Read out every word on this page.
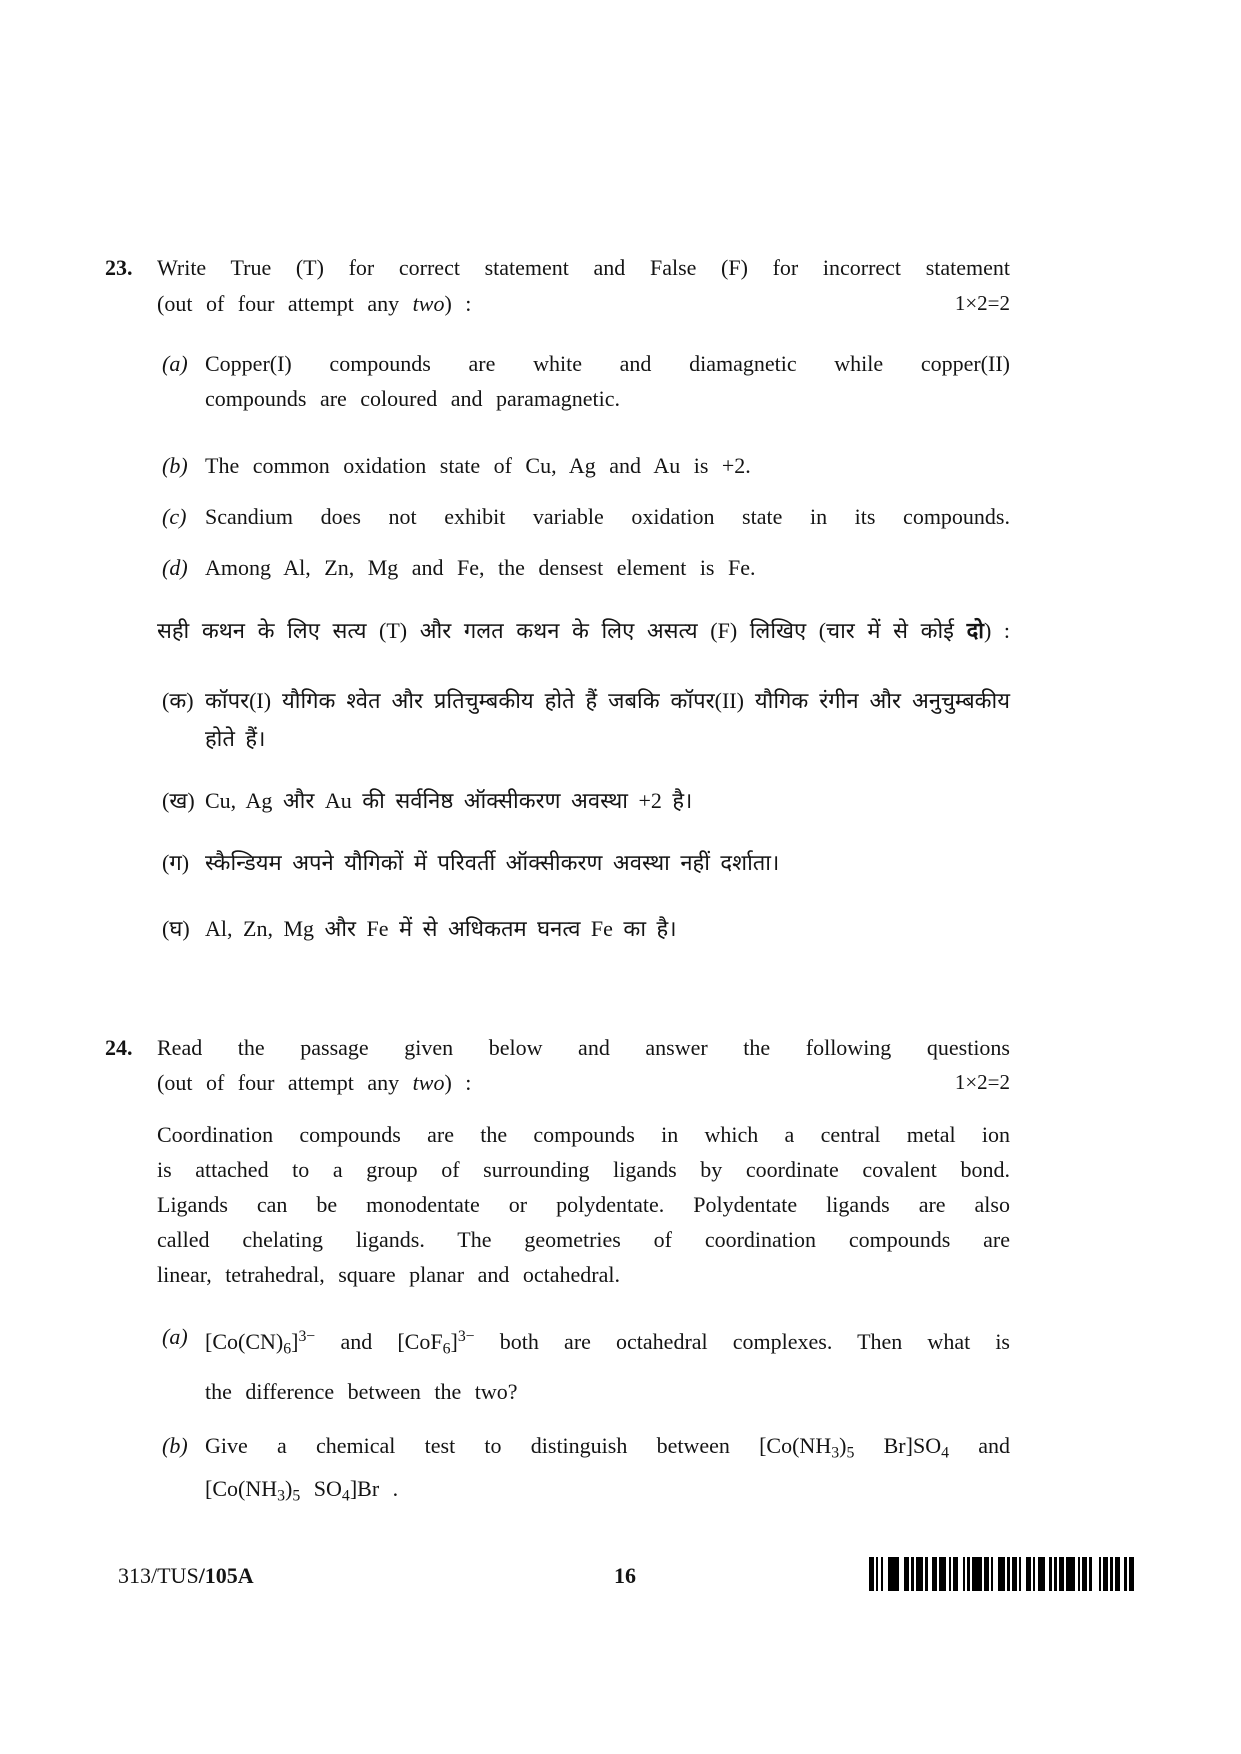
23. Write True (T) for correct statement and False (F) for incorrect statement
(out of four attempt any two) :	1×2=2
(a) Copper(I) compounds are white and diamagnetic while copper(II)
compounds are coloured and paramagnetic.
(b) The common oxidation state of Cu, Ag and Au is +2.
(c) Scandium does not exhibit variable oxidation state in its compounds.
(d) Among Al, Zn, Mg and Fe, the densest element is Fe.
सही कथन के लिए सत्य (T) और गलत कथन के लिए असत्य (F) लिखिए (चार में से कोई दो) :
(क) कॉपर(I) यौगिक श्वेत और प्रतिचुम्बकीय होते हैं जबकि कॉपर(II) यौगिक रंगीन और अनुचुम्बकीय
होते हैं।
(ख) Cu, Ag और Au की सर्वनिष्ठ ऑक्सीकरण अवस्था +2 है।
(ग) स्कैन्डियम अपने यौगिकों में परिवर्ती ऑक्सीकरण अवस्था नहीं दर्शाता।
(घ) Al, Zn, Mg और Fe में से अधिकतम घनत्व Fe का है।
24. Read the passage given below and answer the following questions
(out of four attempt any two) :	1×2=2
Coordination compounds are the compounds in which a central metal ion
is attached to a group of surrounding ligands by coordinate covalent bond.
Ligands can be monodentate or polydentate. Polydentate ligands are also
called chelating ligands. The geometries of coordination compounds are
linear, tetrahedral, square planar and octahedral.
(a) $[Co(CN)_6]^{3-}$ and $[CoF_6]^{3-}$ both are octahedral complexes. Then what is
the difference between the two?
(b) Give a chemical test to distinguish between [$Co(NH_3)_5$ $Br]SO_4$ and
[$Co(NH_3)_5$ $SO_4]Br$ .
313/TUS/105A	16
